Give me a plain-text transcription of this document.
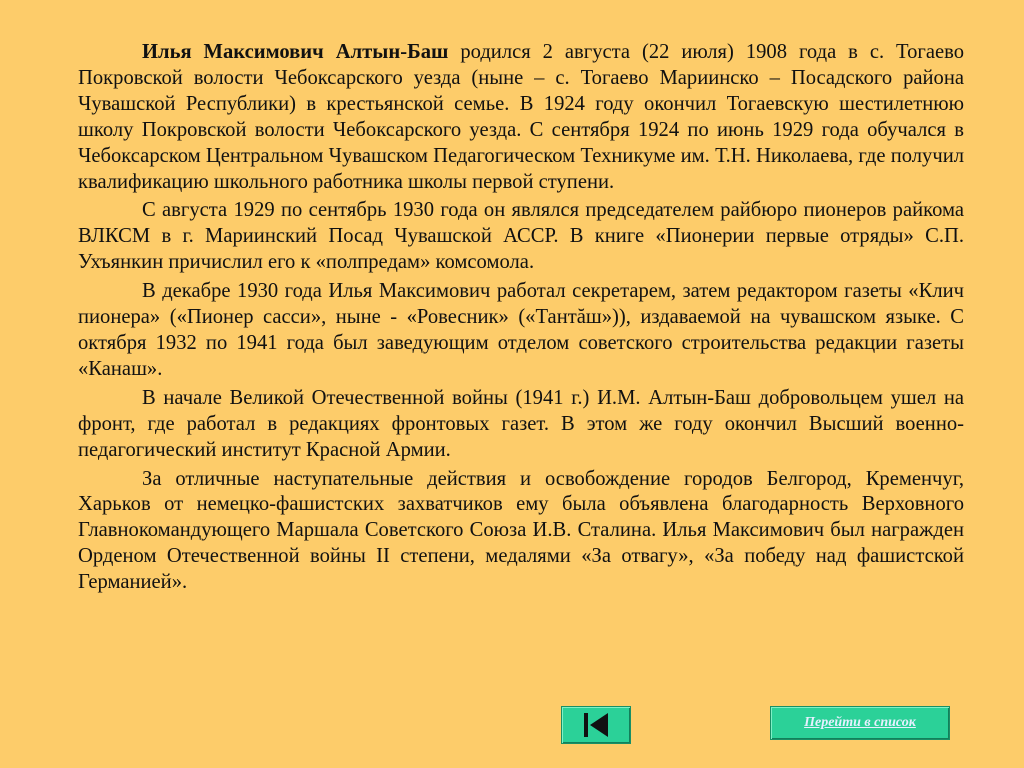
Илья Максимович Алтын-Баш родился 2 августа (22 июля) 1908 года в с. Тогаево Покровской волости Чебоксарского уезда (ныне – с. Тогаево Мариинско – Посадского района Чувашской Республики) в крестьянской семье. В 1924 году окончил Тогаевскую шестилетнюю школу Покровской волости Чебоксарского уезда. С сентября 1924 по июнь 1929 года обучался в Чебоксарском Центральном Чувашском Педагогическом Техникуме им. Т.Н. Николаева, где получил квалификацию школьного работника школы первой ступени.

С августа 1929 по сентябрь 1930 года он являлся председателем райбюро пионеров райкома ВЛКСМ в г. Мариинский Посад Чувашской АССР. В книге «Пионерии первые отряды» С.П. Ухъянкин причислил его к «полпредам» комсомола.

В декабре 1930 года Илья Максимович работал секретарем, затем редактором газеты «Клич пионера» («Пионер сасси», ныне - «Ровесник» («Тантăш»)), издаваемой на чувашском языке. С октября 1932 по 1941 года был заведующим отделом советского строительства редакции газеты «Канаш».

В начале Великой Отечественной войны (1941 г.) И.М. Алтын-Баш добровольцем ушел на фронт, где работал в редакциях фронтовых газет. В этом же году окончил Высший военно-педагогический институт Красной Армии.

За отличные наступательные действия и освобождение городов Белгород, Кременчуг, Харьков от немецко-фашистских захватчиков ему была объявлена благодарность Верховного Главнокомандующего Маршала Советского Союза И.В. Сталина. Илья Максимович был награжден Орденом Отечественной войны II степени, медалями «За отвагу», «За победу над фашистской Германией».

Перейти в список
